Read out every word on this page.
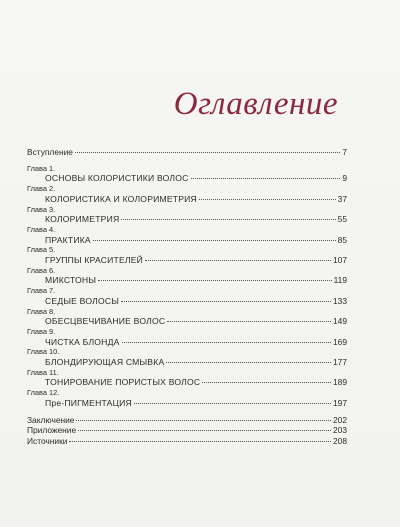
Оглавление
Вступление	7
Глава 1.
ОСНОВЫ КОЛОРИСТИКИ ВОЛОС	9
Глава 2.
КОЛОРИСТИКА И КОЛОРИМЕТРИЯ	37
Глава 3.
КОЛОРИМЕТРИЯ	55
Глава 4.
ПРАКТИКА	85
Глава 5.
ГРУППЫ КРАСИТЕЛЕЙ	107
Глава 6.
МИКСТОНЫ	119
Глава 7.
СЕДЫЕ ВОЛОСЫ	133
Глава 8.
ОБЕСЦВЕЧИВАНИЕ ВОЛОС	149
Глава 9.
ЧИСТКА БЛОНДА	169
Глава 10.
БЛОНДИРУЮЩАЯ СМЫВКА	177
Глава 11.
ТОНИРОВАНИЕ ПОРИСТЫХ ВОЛОС	189
Глава 12.
Пре-ПИГМЕНТАЦИЯ	197
Заключение	202
Приложение	203
Источники	208
